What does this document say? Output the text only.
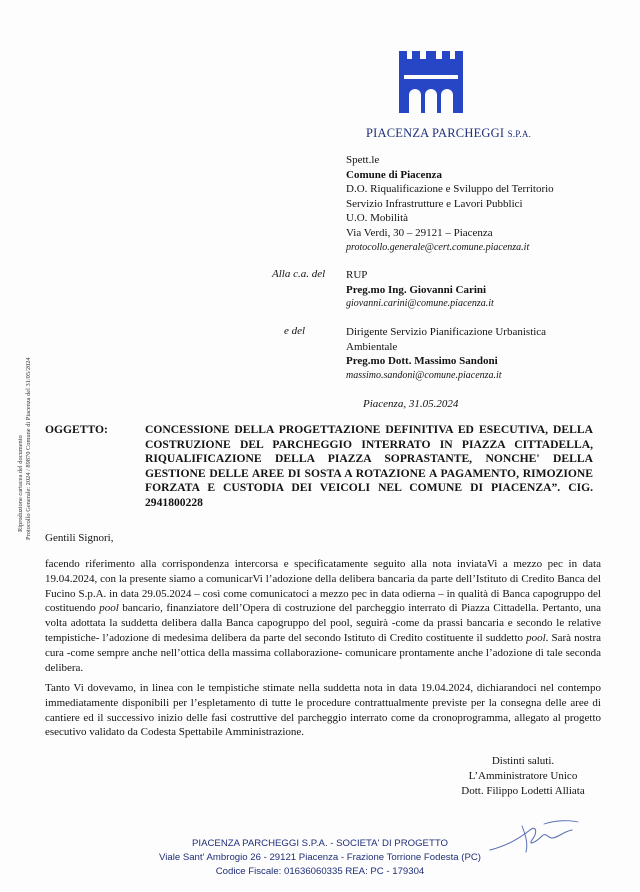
PIACENZA PARCHEGGI S.P.A.
Spett.le
Comune di Piacenza
D.O. Riqualificazione e Sviluppo del Territorio
Servizio Infrastrutture e Lavori Pubblici
U.O. Mobilità
Via Verdi, 30 – 29121 – Piacenza
protocollo.generale@cert.comune.piacenza.it
Alla c.a. del RUP
Preg.mo Ing. Giovanni Carini
giovanni.carini@comune.piacenza.it
e del	Dirigente Servizio Pianificazione Urbanistica
Ambientale
Preg.mo Dott. Massimo Sandoni
massimo.sandoni@comune.piacenza.it
Piacenza, 31.05.2024
Riproduzione cartacea del documento Protocollo Generale: 2024 / 89870 Comune di Piacenza del 31/05/2024 OGGETTO:	CONCESSIONE DELLA PROGETTAZIONE DEFINITIVA ED ESECUTIVA, DELLA COSTRUZIONE DEL PARCHEGGIO INTERRATO IN PIAZZA CITTADELLA, RIQUALIFICAZIONE DELLA PIAZZA SOPRASTANTE, NONCHE' DELLA GESTIONE DELLE AREE DI SOSTA A ROTAZIONE A PAGAMENTO, RIMOZIONE FORZATA E CUSTODIA DEI VEICOLI NEL COMUNE DI PIACENZA”. CIG. 2941800228
Gentili Signori,
facendo riferimento alla corrispondenza intercorsa e specificatamente seguito alla nota inviataVi a mezzo pec in data 19.04.2024, con la presente siamo a comunicarVi l’adozione della delibera bancaria da parte dell’Istituto di Credito Banca del Fucino S.p.A. in data 29.05.2024 – così come comunicatoci a mezzo pec in data odierna – in qualità di Banca capogruppo del costituendo pool bancario, finanziatore dell’Opera di costruzione del parcheggio interrato di Piazza Cittadella. Pertanto, una volta adottata la suddetta delibera dalla Banca capogruppo del pool, seguirà -come da prassi bancaria e secondo le relative tempistiche- l’adozione di medesima delibera da parte del secondo Istituto di Credito costituente il suddetto pool. Sarà nostra cura -come sempre anche nell’ottica della massima collaborazione- comunicare prontamente anche l’adozione di tale seconda delibera.
Tanto Vi dovevamo, in linea con le tempistiche stimate nella suddetta nota in data 19.04.2024, dichiarandoci nel contempo immediatamente disponibili per l’espletamento di tutte le procedure contrattualmente previste per la consegna delle aree di cantiere ed il successivo inizio delle fasi costruttive del parcheggio interrato come da cronoprogramma, allegato al progetto esecutivo validato da Codesta Spettabile Amministrazione.
Distinti saluti.
L’Amministratore Unico
Dott. Filippo Lodetti Alliata
PIACENZA PARCHEGGI S.P.A. - SOCIETA' DI PROGETTO
Viale Sant' Ambrogio 26 - 29121 Piacenza - Frazione Torrione Fodesta (PC)
Codice Fiscale: 01636060335 REA: PC - 179304
